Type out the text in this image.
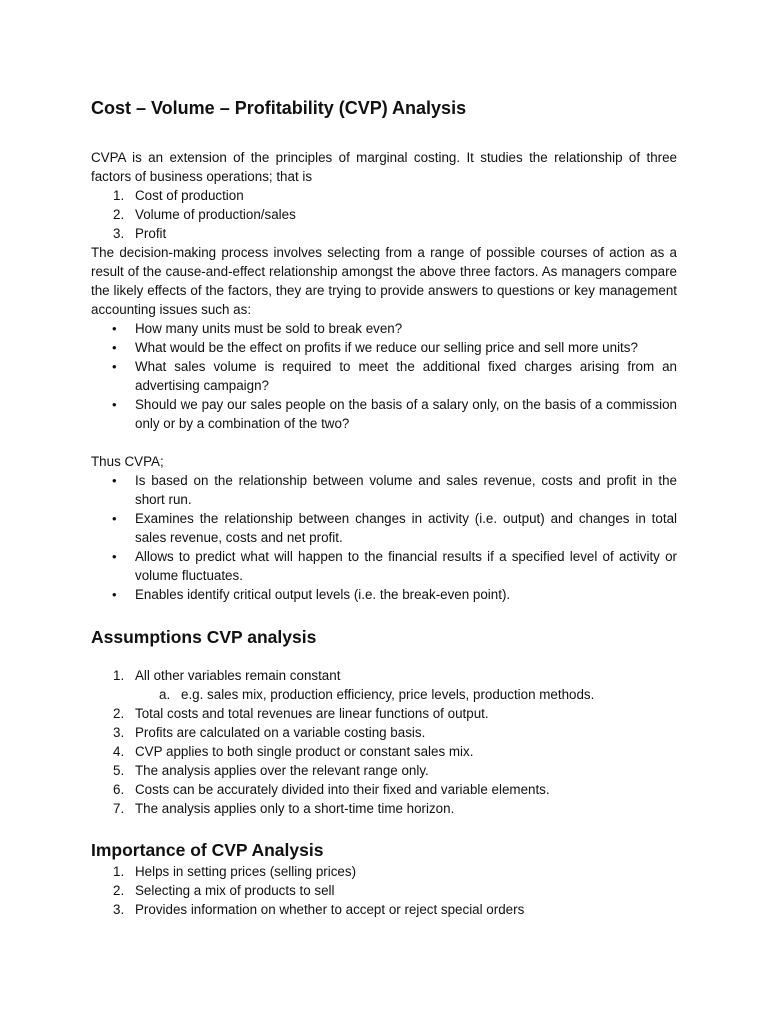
Cost – Volume – Profitability (CVP) Analysis

CVPA is an extension of the principles of marginal costing. It studies the relationship of three factors of business operations; that is

1. Cost of production
2. Volume of production/sales
3. Profit

The decision-making process involves selecting from a range of possible courses of action as a result of the cause-and-effect relationship amongst the above three factors. As managers compare the likely effects of the factors, they are trying to provide answers to questions or key management accounting issues such as:

• How many units must be sold to break even?
• What would be the effect on profits if we reduce our selling price and sell more units?
• What sales volume is required to meet the additional fixed charges arising from an advertising campaign?
• Should we pay our sales people on the basis of a salary only, on the basis of a commission only or by a combination of the two?

Thus CVPA;

• Is based on the relationship between volume and sales revenue, costs and profit in the short run.
• Examines the relationship between changes in activity (i.e. output) and changes in total sales revenue, costs and net profit.
• Allows to predict what will happen to the financial results if a specified level of activity or volume fluctuates.
• Enables identify critical output levels (i.e. the break-even point).
Assumptions CVP analysis
1. All other variables remain constant
a. e.g. sales mix, production efficiency, price levels, production methods.
2. Total costs and total revenues are linear functions of output.
3. Profits are calculated on a variable costing basis.
4. CVP applies to both single product or constant sales mix.
5. The analysis applies over the relevant range only.
6. Costs can be accurately divided into their fixed and variable elements.
7. The analysis applies only to a short-time time horizon.
Importance of CVP Analysis
1. Helps in setting prices (selling prices)
2. Selecting a mix of products to sell
3. Provides information on whether to accept or reject special orders
